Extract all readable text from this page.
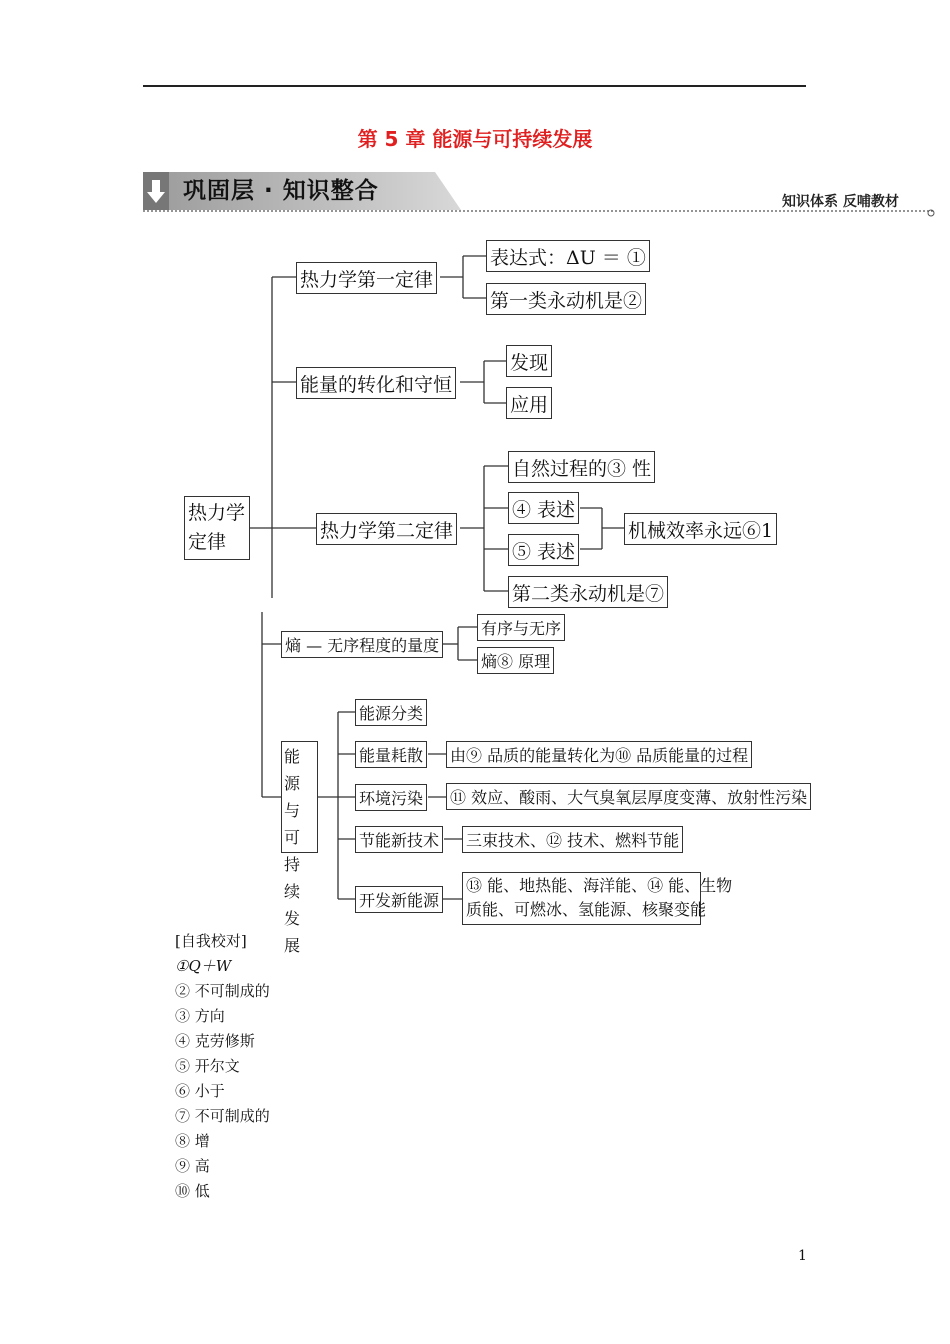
第 5 章 能源与可持续发展
巩固层 · 知识整合	知识体系 反哺教材
热力学定律
热力学第一定律
表达式：ΔU ＝ ①
第一类永动机是②
能量的转化和守恒
发现
应用
热力学第二定律
自然过程的③ 性
④ 表述
⑤ 表述
机械效率永远⑥1
第二类永动机是⑦
熵 — 无序程度的量度
有序与无序
熵⑧ 原理
能源
与可
持续
发展
能源分类
能量耗散 由⑨ 品质的能量转化为⑩ 品质能量的过程
环境污染 ⑪ 效应、酸雨、大气臭氧层厚度变薄、放射性污染
节能新技术 三束技术、⑫ 技术、燃料节能
开发新能源
⑬ 能、地热能、海洋能、⑭ 能、生物
质能、可燃冰、氢能源、核聚变能
[自我校对]
①Q＋W
② 不可制成的
③ 方向
④ 克劳修斯
⑤ 开尔文
⑥ 小于
⑦ 不可制成的
⑧ 增
⑨ 高
⑩ 低
1
